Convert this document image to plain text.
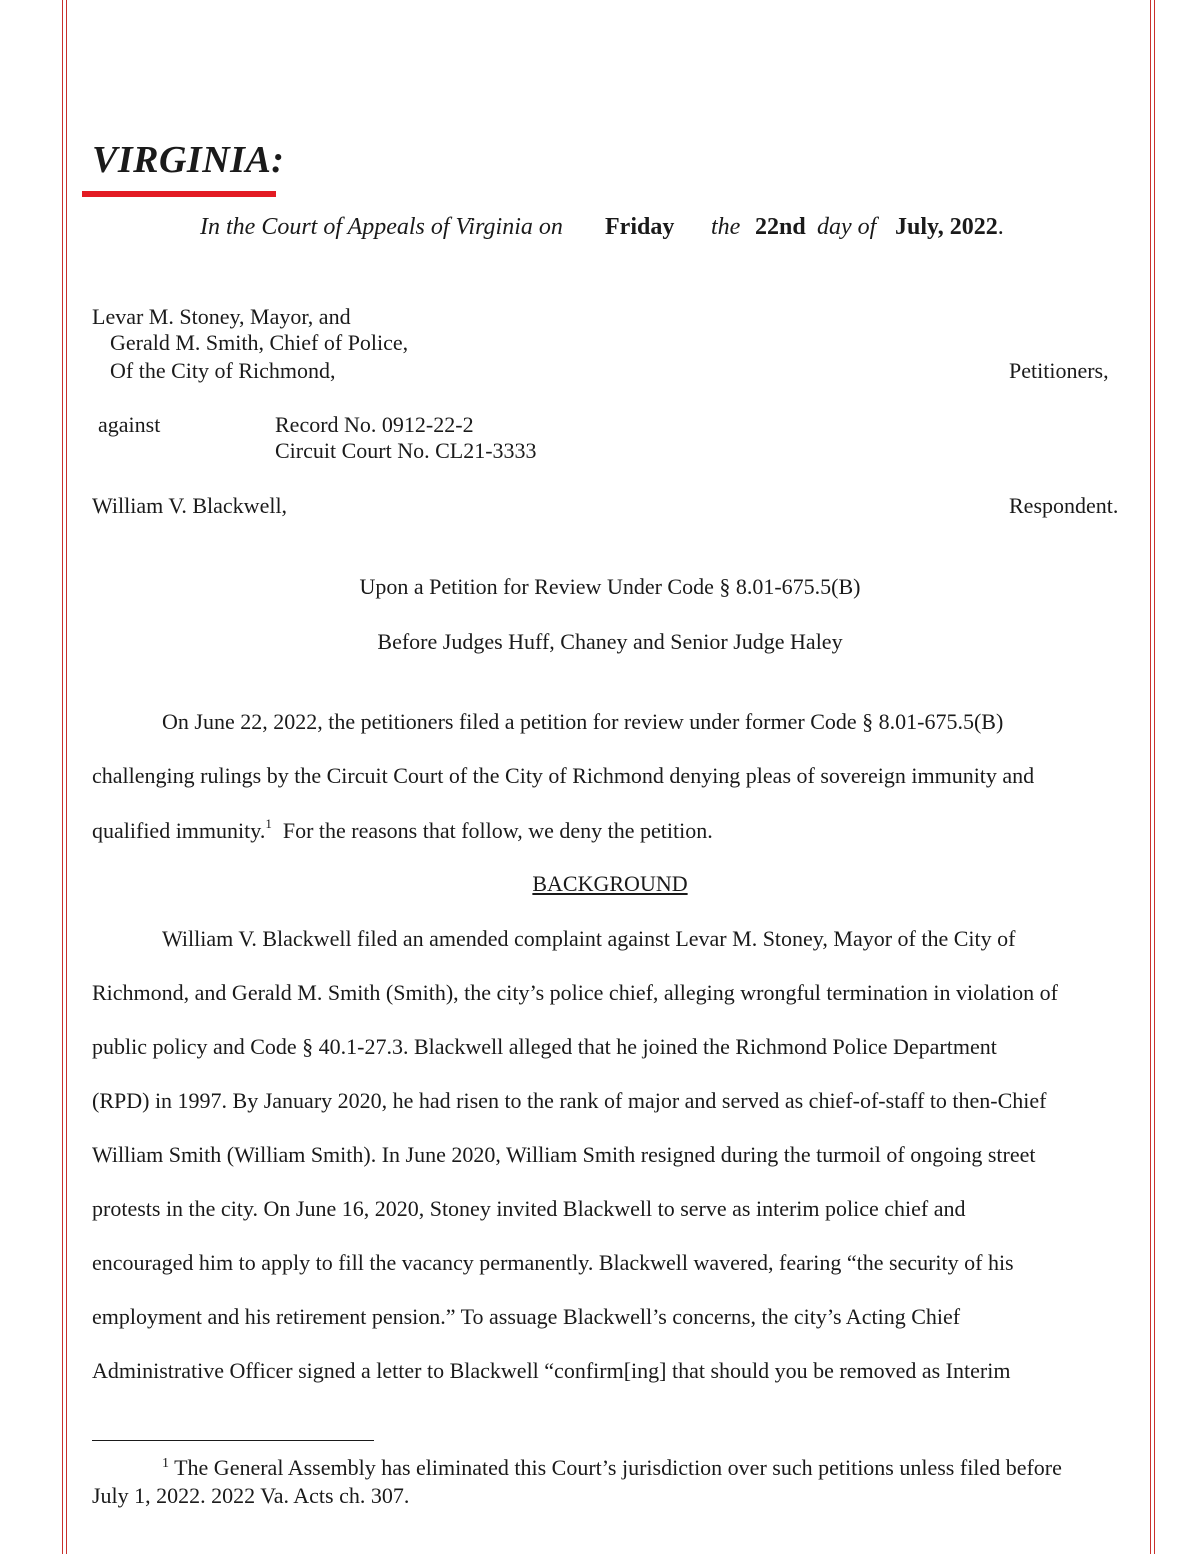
VIRGINIA:
In the Court of Appeals of Virginia on Friday the 22nd day of July, 2022.
Levar M. Stoney, Mayor, and
Gerald M. Smith, Chief of Police,
Of the City of Richmond,	Petitioners,
against	Record No. 0912-22-2
Circuit Court No. CL21-3333
William V. Blackwell,	Respondent.
Upon a Petition for Review Under Code § 8.01-675.5(B)
Before Judges Huff, Chaney and Senior Judge Haley
On June 22, 2022, the petitioners filed a petition for review under former Code § 8.01-675.5(B)
challenging rulings by the Circuit Court of the City of Richmond denying pleas of sovereign immunity and
qualified immunity.$^1$  For the reasons that follow, we deny the petition.
BACKGROUND
William V. Blackwell filed an amended complaint against Levar M. Stoney, Mayor of the City of
Richmond, and Gerald M. Smith (Smith), the city’s police chief, alleging wrongful termination in violation of
public policy and Code § 40.1-27.3. Blackwell alleged that he joined the Richmond Police Department
(RPD) in 1997. By January 2020, he had risen to the rank of major and served as chief-of-staff to then-Chief
William Smith (William Smith). In June 2020, William Smith resigned during the turmoil of ongoing street
protests in the city. On June 16, 2020, Stoney invited Blackwell to serve as interim police chief and
encouraged him to apply to fill the vacancy permanently. Blackwell wavered, fearing “the security of his
employment and his retirement pension.” To assuage Blackwell’s concerns, the city’s Acting Chief
Administrative Officer signed a letter to Blackwell “confirm[ing] that should you be removed as Interim
$^1$ The General Assembly has eliminated this Court’s jurisdiction over such petitions unless filed before
July 1, 2022. 2022 Va. Acts ch. 307.
